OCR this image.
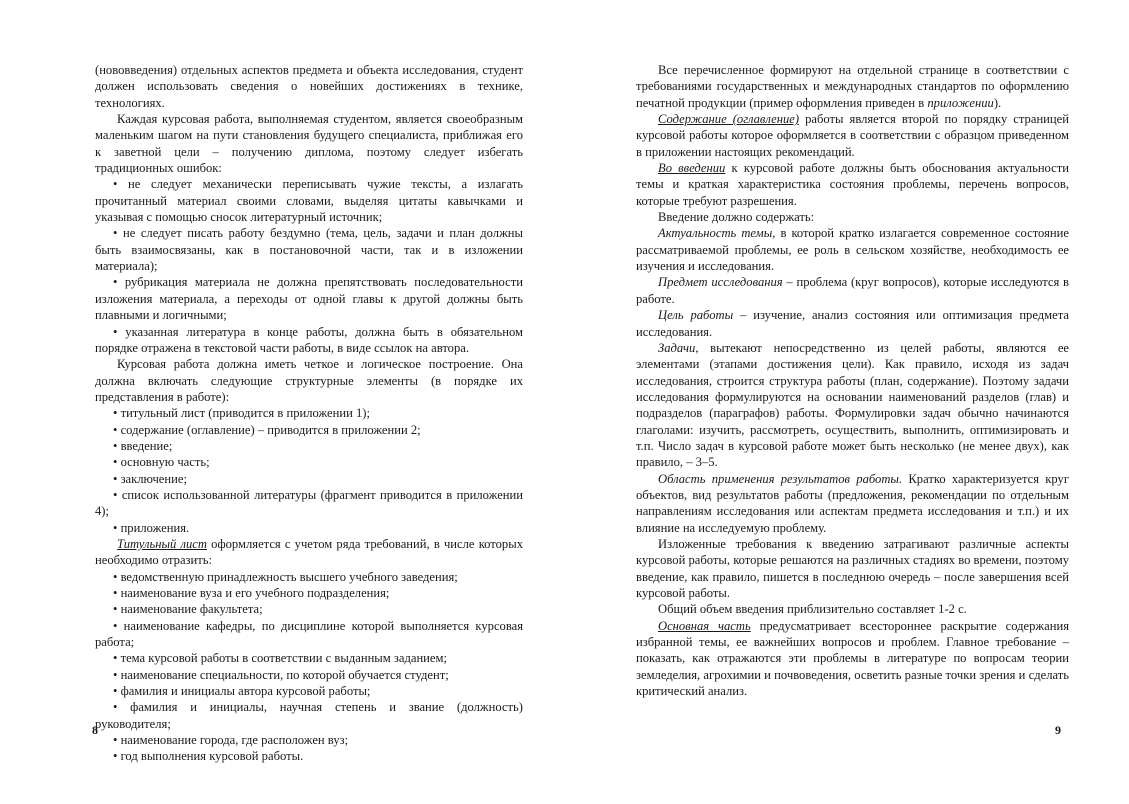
(нововведения) отдельных аспектов предмета и объекта исследования, студент должен использовать сведения о новейших достижениях в технике, технологиях.

Каждая курсовая работа, выполняемая студентом, является своеобразным маленьким шагом на пути становления будущего специалиста, приближая его к заветной цели – получению диплома, поэтому следует избегать традиционных ошибок:

• не следует механически переписывать чужие тексты, а излагать прочитанный материал своими словами, выделяя цитаты кавычками и указывая с помощью сносок литературный источник;

• не следует писать работу бездумно (тема, цель, задачи и план должны быть взаимосвязаны, как в постановочной части, так и в изложении материала);

• рубрикация материала не должна препятствовать последовательности изложения материала, а переходы от одной главы к другой должны быть плавными и логичными;

• указанная литература в конце работы, должна быть в обязательном порядке отражена в текстовой части работы, в виде ссылок на автора.

Курсовая работа должна иметь четкое и логическое построение. Она должна включать следующие структурные элементы (в порядке их представления в работе):

• титульный лист (приводится в приложении 1);

• содержание (оглавление) – приводится в приложении 2;

• введение;

• основную часть;

• заключение;

• список использованной литературы (фрагмент приводится в приложении 4);

• приложения.

Титульный лист оформляется с учетом ряда требований, в числе которых необходимо отразить:

• ведомственную принадлежность высшего учебного заведения;

• наименование вуза и его учебного подразделения;

• наименование факультета;

• наименование кафедры, по дисциплине которой выполняется курсовая работа;

• тема курсовой работы в соответствии с выданным заданием;

• наименование специальности, по которой обучается студент;

• фамилия и инициалы автора курсовой работы;

• фамилия и инициалы, научная степень и звание (должность) руководителя;

• наименование города, где расположен вуз;

• год выполнения курсовой работы.

8

Все перечисленное формируют на отдельной странице в соответствии с требованиями государственных и международных стандартов по оформлению печатной продукции (пример оформления приведен в приложении).

Содержание (оглавление) работы является второй по порядку страницей курсовой работы которое оформляется в соответствии с образцом приведенном в приложении настоящих рекомендаций.

Во введении к курсовой работе должны быть обоснования актуальности темы и краткая характеристика состояния проблемы, перечень вопросов, которые требуют разрешения.

Введение должно содержать:

Актуальность темы, в которой кратко излагается современное состояние рассматриваемой проблемы, ее роль в сельском хозяйстве, необходимость ее изучения и исследования.

Предмет исследования – проблема (круг вопросов), которые исследуются в работе.

Цель работы – изучение, анализ состояния или оптимизация предмета исследования.

Задачи, вытекают непосредственно из целей работы, являются ее элементами (этапами достижения цели). Как правило, исходя из задач исследования, строится структура работы (план, содержание). Поэтому задачи исследования формулируются на основании наименований разделов (глав) и подразделов (параграфов) работы. Формулировки задач обычно начинаются глаголами: изучить, рассмотреть, осуществить, выполнить, оптимизировать и т.п. Число задач в курсовой работе может быть несколько (не менее двух), как правило, – 3–5.

Область применения результатов работы. Кратко характеризуется круг объектов, вид результатов работы (предложения, рекомендации по отдельным направлениям исследования или аспектам предмета исследования и т.п.) и их влияние на исследуемую проблему.

Изложенные требования к введению затрагивают различные аспекты курсовой работы, которые решаются на различных стадиях во времени, поэтому введение, как правило, пишется в последнюю очередь – после завершения всей курсовой работы.

Общий объем введения приблизительно составляет 1-2 с.

Основная часть предусматривает всестороннее раскрытие содержания избранной темы, ее важнейших вопросов и проблем. Главное требование – показать, как отражаются эти проблемы в литературе по вопросам теории земледелия, агрохимии и почвоведения, осветить разные точки зрения и сделать критический анализ.

9
